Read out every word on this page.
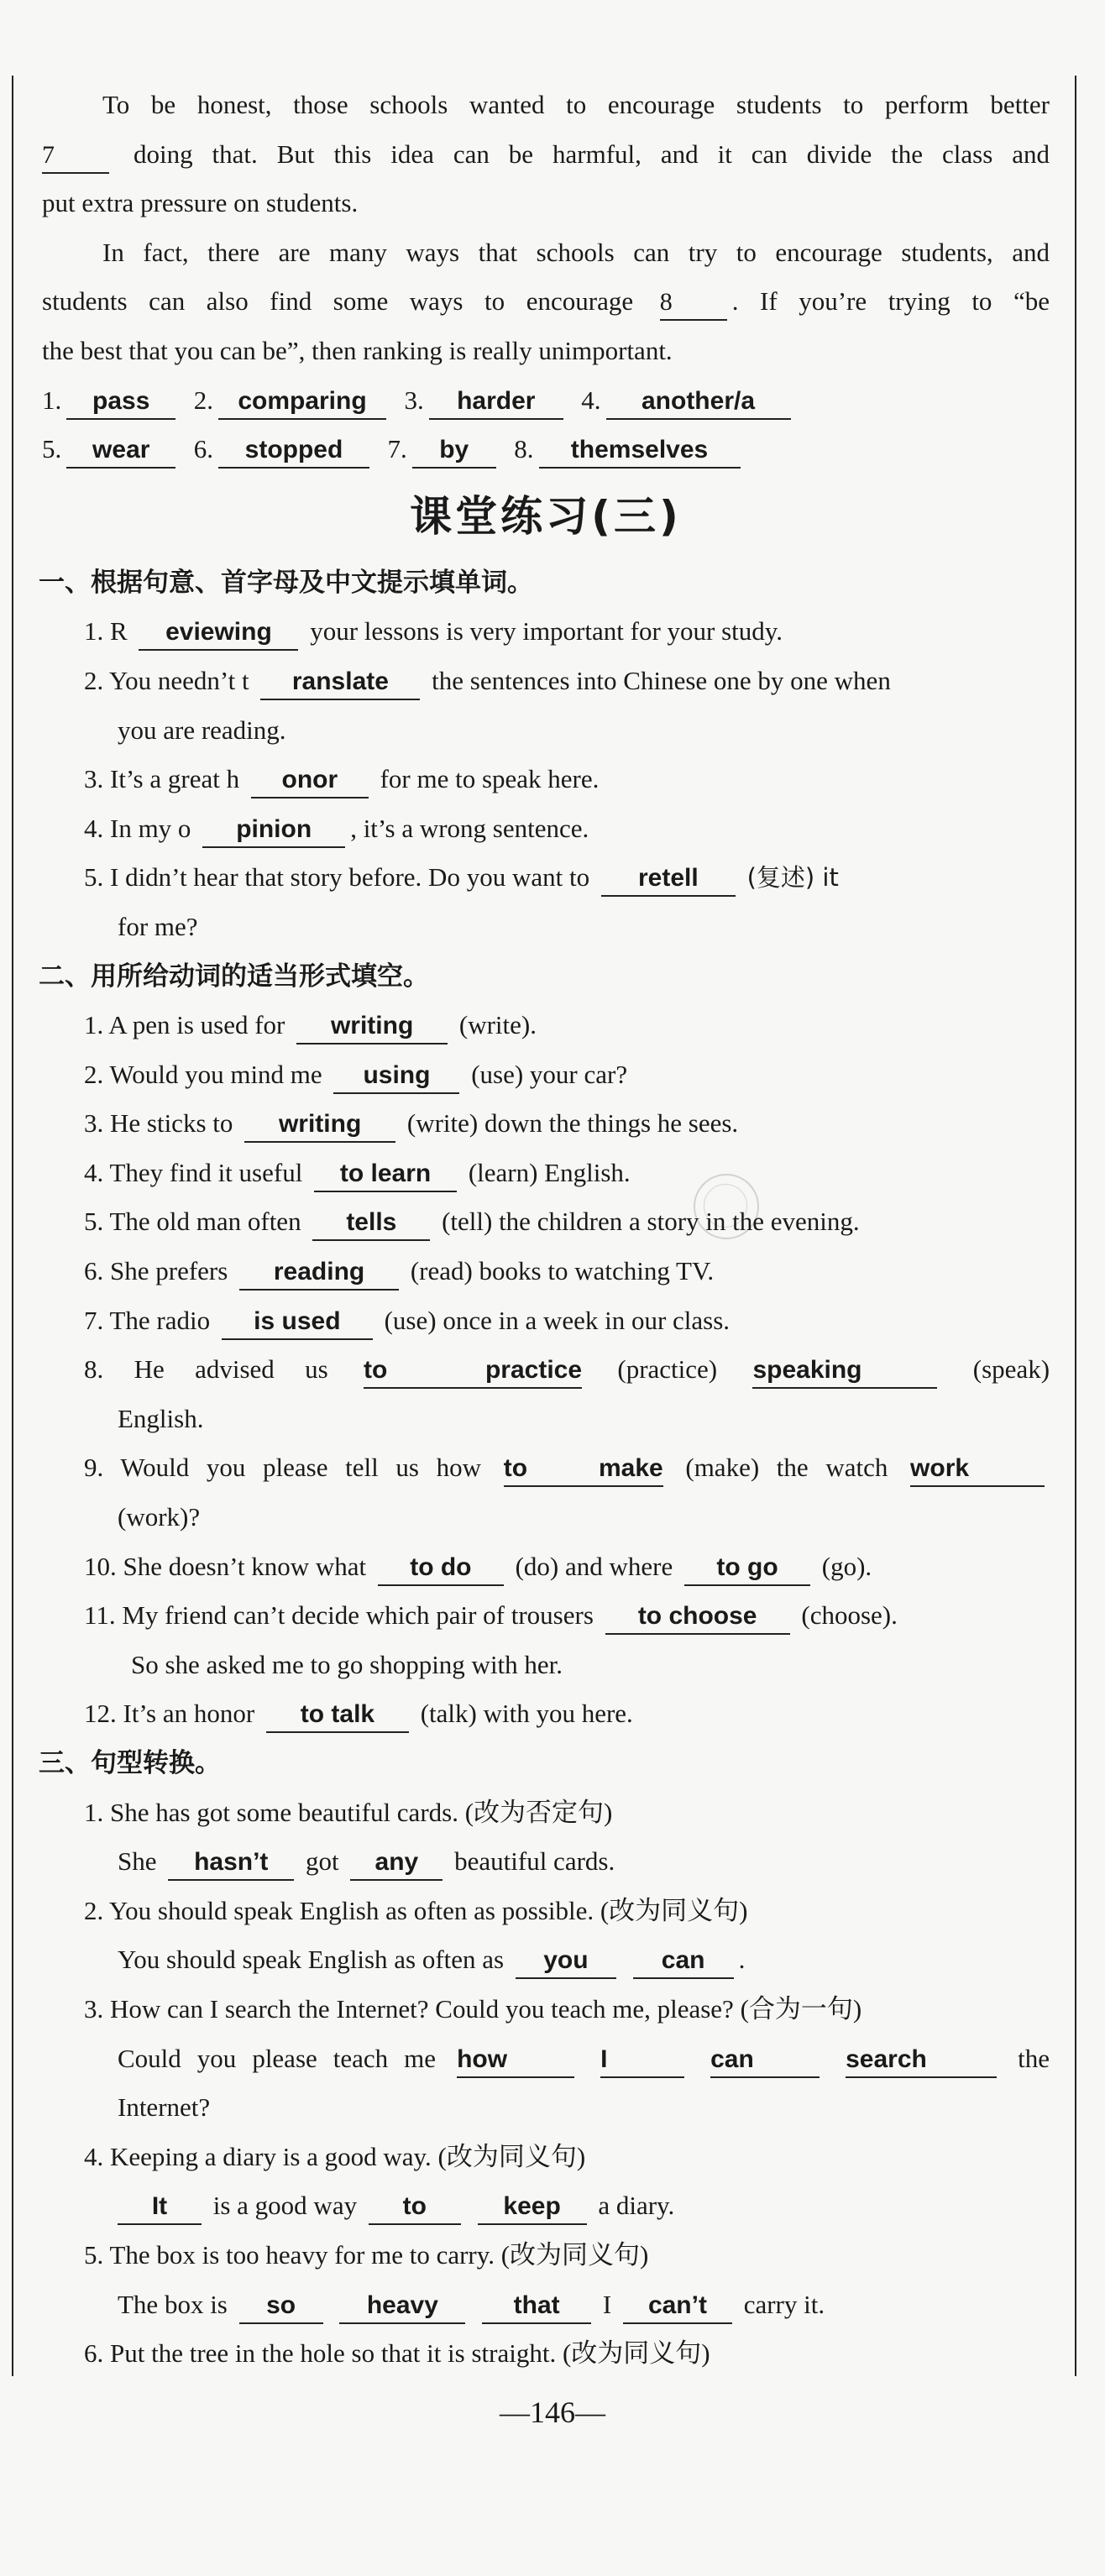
To be honest, those schools wanted to encourage students to perform better
7	doing that. But this idea can be harmful, and it can divide the class and
put extra pressure on students.
In fact, there are many ways that schools can try to encourage students, and
students can also find some ways to encourage 8 . If you’re trying to “be
the best that you can be”, then ranking is really unimportant.
1. pass 2. comparing 3. harder 4. another/a
5. wear 6. stopped 7. by 8. themselves
课堂练习(三)
一、根据句意、首字母及中文提示填单词。
1. R eviewing your lessons is very important for your study.
2. You needn’t t ranslate the sentences into Chinese one by one when
you are reading.
3. It’s a great h onor for me to speak here.
4. In my o pinion , it’s a wrong sentence.
5. I didn’t hear that story before. Do you want to retell (复述) it
for me?
二、用所给动词的适当形式填空。
1. A pen is used for writing (write).
2. Would you mind me using (use) your car?
3. He sticks to writing (write) down the things he sees.
4. They find it useful to learn (learn) English.
5. The old man often tells (tell) the children a story in the evening.
6. She prefers reading (read) books to watching TV.
7. The radio is used (use) once in a week in our class.
8. He advised us to practice (practice) speaking	(speak)
English.
9. Would you please tell us how to make (make) the watch work
(work)?
10. She doesn’t know what to do (do) and where to go (go).
11. My friend can’t decide which pair of trousers to choose (choose).
So she asked me to go shopping with her.
12. It’s an honor to talk (talk) with you here.
三、句型转换。
1. She has got some beautiful cards. (改为否定句)
She hasn’t got any beautiful cards.
2. You should speak English as often as possible. (改为同义句)
You should speak English as often as you	can .
3. How can I search the Internet? Could you teach me, please? (合为一句)
Could you please teach me how	I	can	search	the
Internet?
4. Keeping a diary is a good way. (改为同义句)
It is a good way to	keep a diary.
5. The box is too heavy for me to carry. (改为同义句)
The box is so	heavy	that I can’t carry it.
6. Put the tree in the hole so that it is straight. (改为同义句)
—146—
